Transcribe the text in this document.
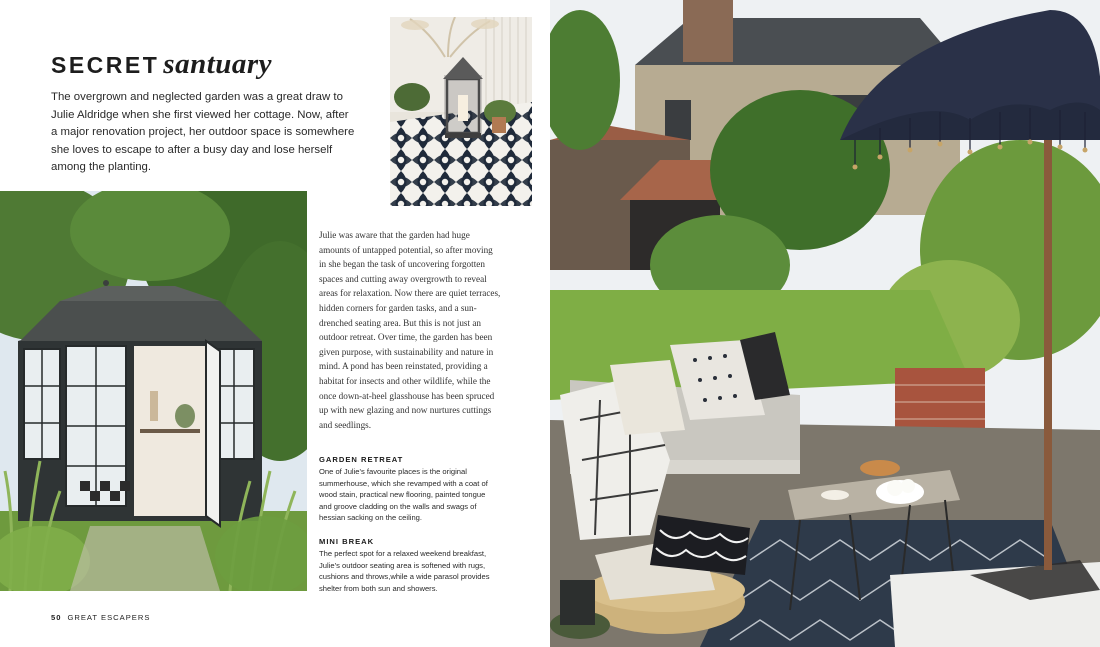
SECRET santuary

The overgrown and neglected garden was a great draw to Julie Aldridge when she first viewed her cottage. Now, after a major renovation project, her outdoor space is somewhere she loves to escape to after a busy day and lose herself among the planting.

Julie was aware that the garden had huge amounts of untapped potential, so after moving in she began the task of uncovering forgotten spaces and cutting away overgrowth to reveal areas for relaxation. Now there are quiet terraces, hidden corners for garden tasks, and a sun-drenched seating area. But this is not just an outdoor retreat. Over time, the garden has been given purpose, with sustainability and nature in mind. A pond has been reinstated, providing a habitat for insects and other wildlife, while the once down-at-heel glasshouse has been spruced up with new glazing and now nurtures cuttings and seedlings.

GARDEN RETREAT

One of Julie's favourite places is the original summerhouse, which she revamped with a coat of wood stain, practical new flooring, painted tongue and groove cladding on the walls and swags of hessian sacking on the ceiling.

MINI BREAK

The perfect spot for a relaxed weekend breakfast, Julie's outdoor seating area is softened with rugs, cushions and throws,while a wide parasol provides shelter from both sun and showers.

50 GREAT ESCAPERS
